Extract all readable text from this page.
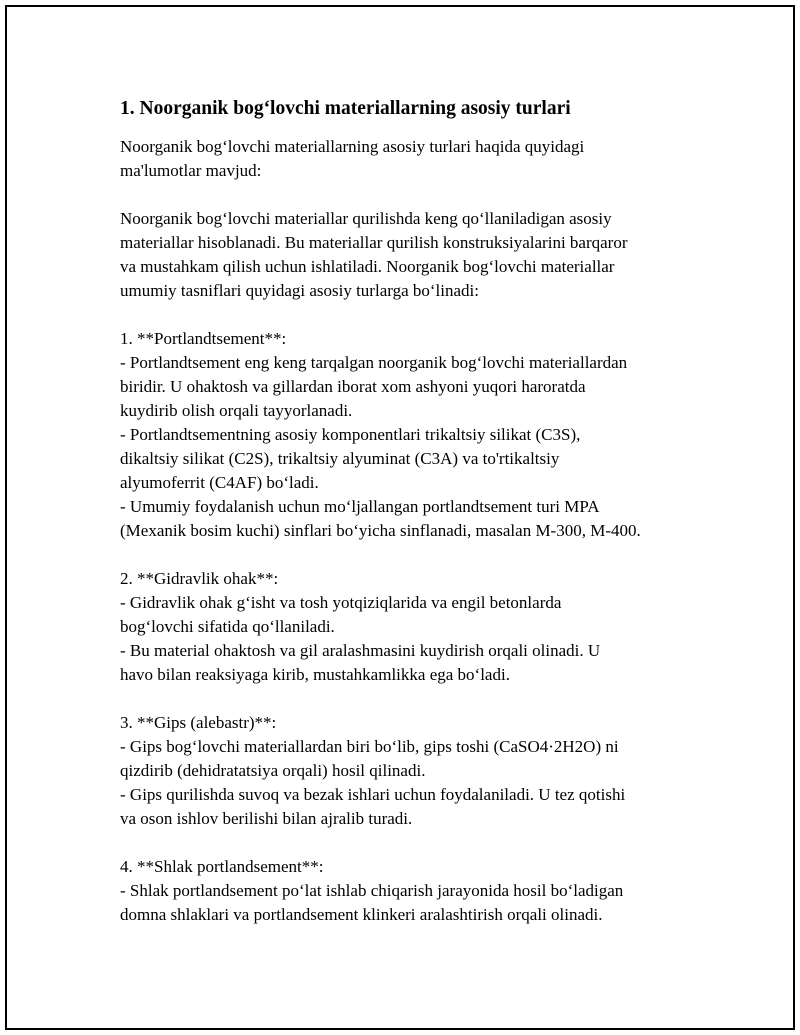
1. Noorganik bog‘lovchi materiallarning asosiy turlari

Noorganik bog‘lovchi materiallarning asosiy turlari haqida quyidagi
ma'lumotlar mavjud:

Noorganik bog‘lovchi materiallar qurilishda keng qo‘llaniladigan asosiy
materiallar hisoblanadi. Bu materiallar qurilish konstruksiyalarini barqaror
va mustahkam qilish uchun ishlatiladi. Noorganik bog‘lovchi materiallar
umumiy tasniflari quyidagi asosiy turlarga bo‘linadi:

1. **Portlandtsement**:

- Portlandtsement eng keng tarqalgan noorganik bog‘lovchi materiallardan
biridir. U ohaktosh va gillardan iborat xom ashyoni yuqori haroratda
kuydirib olish orqali tayyorlanadi.

- Portlandtsementning asosiy komponentlari trikaltsiy silikat (C3S),
dikaltsiy silikat (C2S), trikaltsiy alyuminat (C3A) va to'rtikaltsiy
alyumoferrit (C4AF) bo‘ladi.

- Umumiy foydalanish uchun mo‘ljallangan portlandtsement turi MPA
(Mexanik bosim kuchi) sinflari bo‘yicha sinflanadi, masalan M-300, M-400.

2. **Gidravlik ohak**:

- Gidravlik ohak g‘isht va tosh yotqiziqlarida va engil betonlarda
bog‘lovchi sifatida qo‘llaniladi.

- Bu material ohaktosh va gil aralashmasini kuydirish orqali olinadi. U
havo bilan reaksiyaga kirib, mustahkamlikka ega bo‘ladi.

3. **Gips (alebastr)**:

- Gips bog‘lovchi materiallardan biri bo‘lib, gips toshi (CaSO4·2H2O) ni
qizdirib (dehidratatsiya orqali) hosil qilinadi.

- Gips qurilishda suvoq va bezak ishlari uchun foydalaniladi. U tez qotishi
va oson ishlov berilishi bilan ajralib turadi.

4. **Shlak portlandsement**:

- Shlak portlandsement po‘lat ishlab chiqarish jarayonida hosil bo‘ladigan
domna shlaklari va portlandsement klinkeri aralashtirish orqali olinadi.
